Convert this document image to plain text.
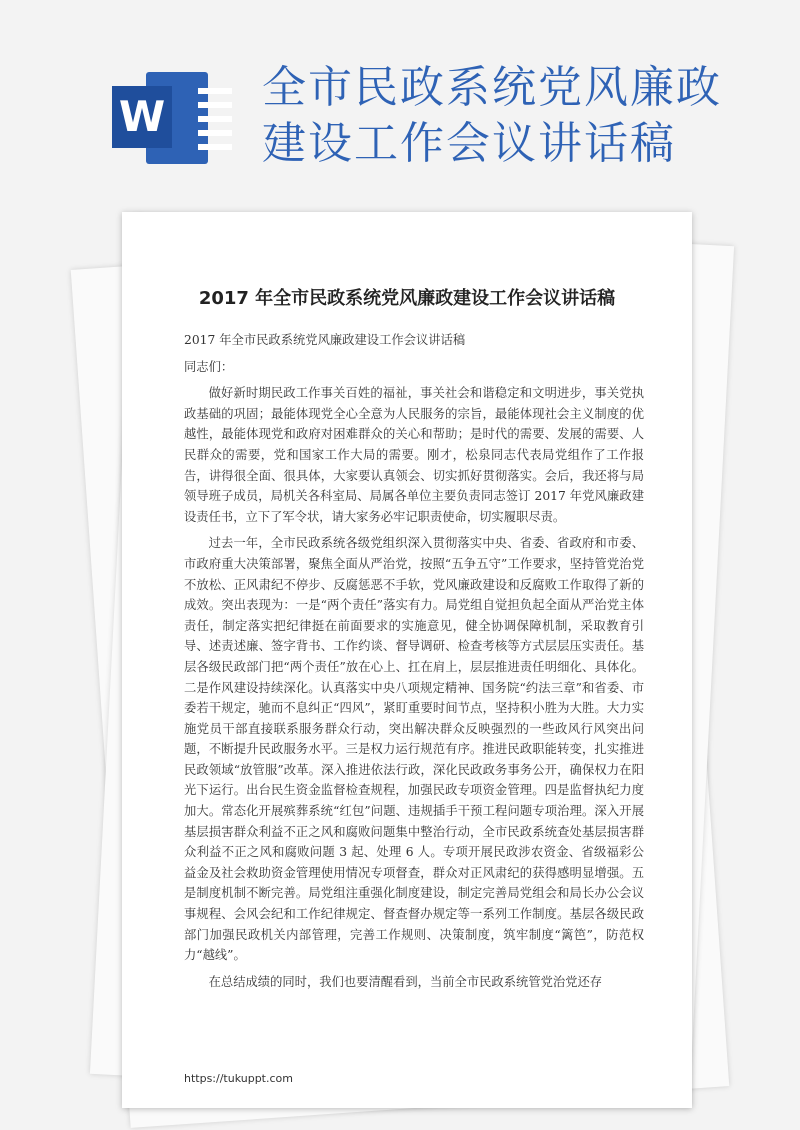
W
全市民政系统党风廉政建设工作会议讲话稿
2017 年全市民政系统党风廉政建设工作会议讲话稿

2017 年全市民政系统党风廉政建设工作会议讲话稿

同志们：

做好新时期民政工作事关百姓的福祉，事关社会和谐稳定和文明进步，事关党执政基础的巩固；最能体现党全心全意为人民服务的宗旨，最能体现社会主义制度的优越性，最能体现党和政府对困难群众的关心和帮助；是时代的需要、发展的需要、人民群众的需要，党和国家工作大局的需要。刚才，松泉同志代表局党组作了工作报告，讲得很全面、很具体，大家要认真领会、切实抓好贯彻落实。会后，我还将与局领导班子成员，局机关各科室局、局属各单位主要负责同志签订 2017 年党风廉政建设责任书，立下了军令状，请大家务必牢记职责使命，切实履职尽责。

过去一年，全市民政系统各级党组织深入贯彻落实中央、省委、省政府和市委、市政府重大决策部署，聚焦全面从严治党，按照“五争五守”工作要求，坚持管党治党不放松、正风肃纪不停步、反腐惩恶不手软，党风廉政建设和反腐败工作取得了新的成效。突出表现为：一是“两个责任”落实有力。局党组自觉担负起全面从严治党主体责任，制定落实把纪律挺在前面要求的实施意见，健全协调保障机制，采取教育引导、述责述廉、签字背书、工作约谈、督导调研、检查考核等方式层层压实责任。基层各级民政部门把“两个责任”放在心上、扛在肩上，层层推进责任明细化、具体化。二是作风建设持续深化。认真落实中央八项规定精神、国务院“约法三章”和省委、市委若干规定，驰而不息纠正“四风”，紧盯重要时间节点，坚持积小胜为大胜。大力实施党员干部直接联系服务群众行动，突出解决群众反映强烈的一些政风行风突出问题，不断提升民政服务水平。三是权力运行规范有序。推进民政职能转变，扎实推进民政领域“放管服”改革。深入推进依法行政，深化民政政务事务公开，确保权力在阳光下运行。出台民生资金监督检查规程，加强民政专项资金管理。四是监督执纪力度加大。常态化开展殡葬系统“红包”问题、违规插手干预工程问题专项治理。深入开展基层损害群众利益不正之风和腐败问题集中整治行动，全市民政系统查处基层损害群众利益不正之风和腐败问题 3 起、处理 6 人。专项开展民政涉农资金、省级福彩公益金及社会救助资金管理使用情况专项督查，群众对正风肃纪的获得感明显增强。五是制度机制不断完善。局党组注重强化制度建设，制定完善局党组会和局长办公会议事规程、会风会纪和工作纪律规定、督查督办规定等一系列工作制度。基层各级民政部门加强民政机关内部管理，完善工作规则、决策制度，筑牢制度“篱笆”，防范权力“越线”。

在总结成绩的同时，我们也要清醒看到，当前全市民政系统管党治党还存

https://tukuppt.com
